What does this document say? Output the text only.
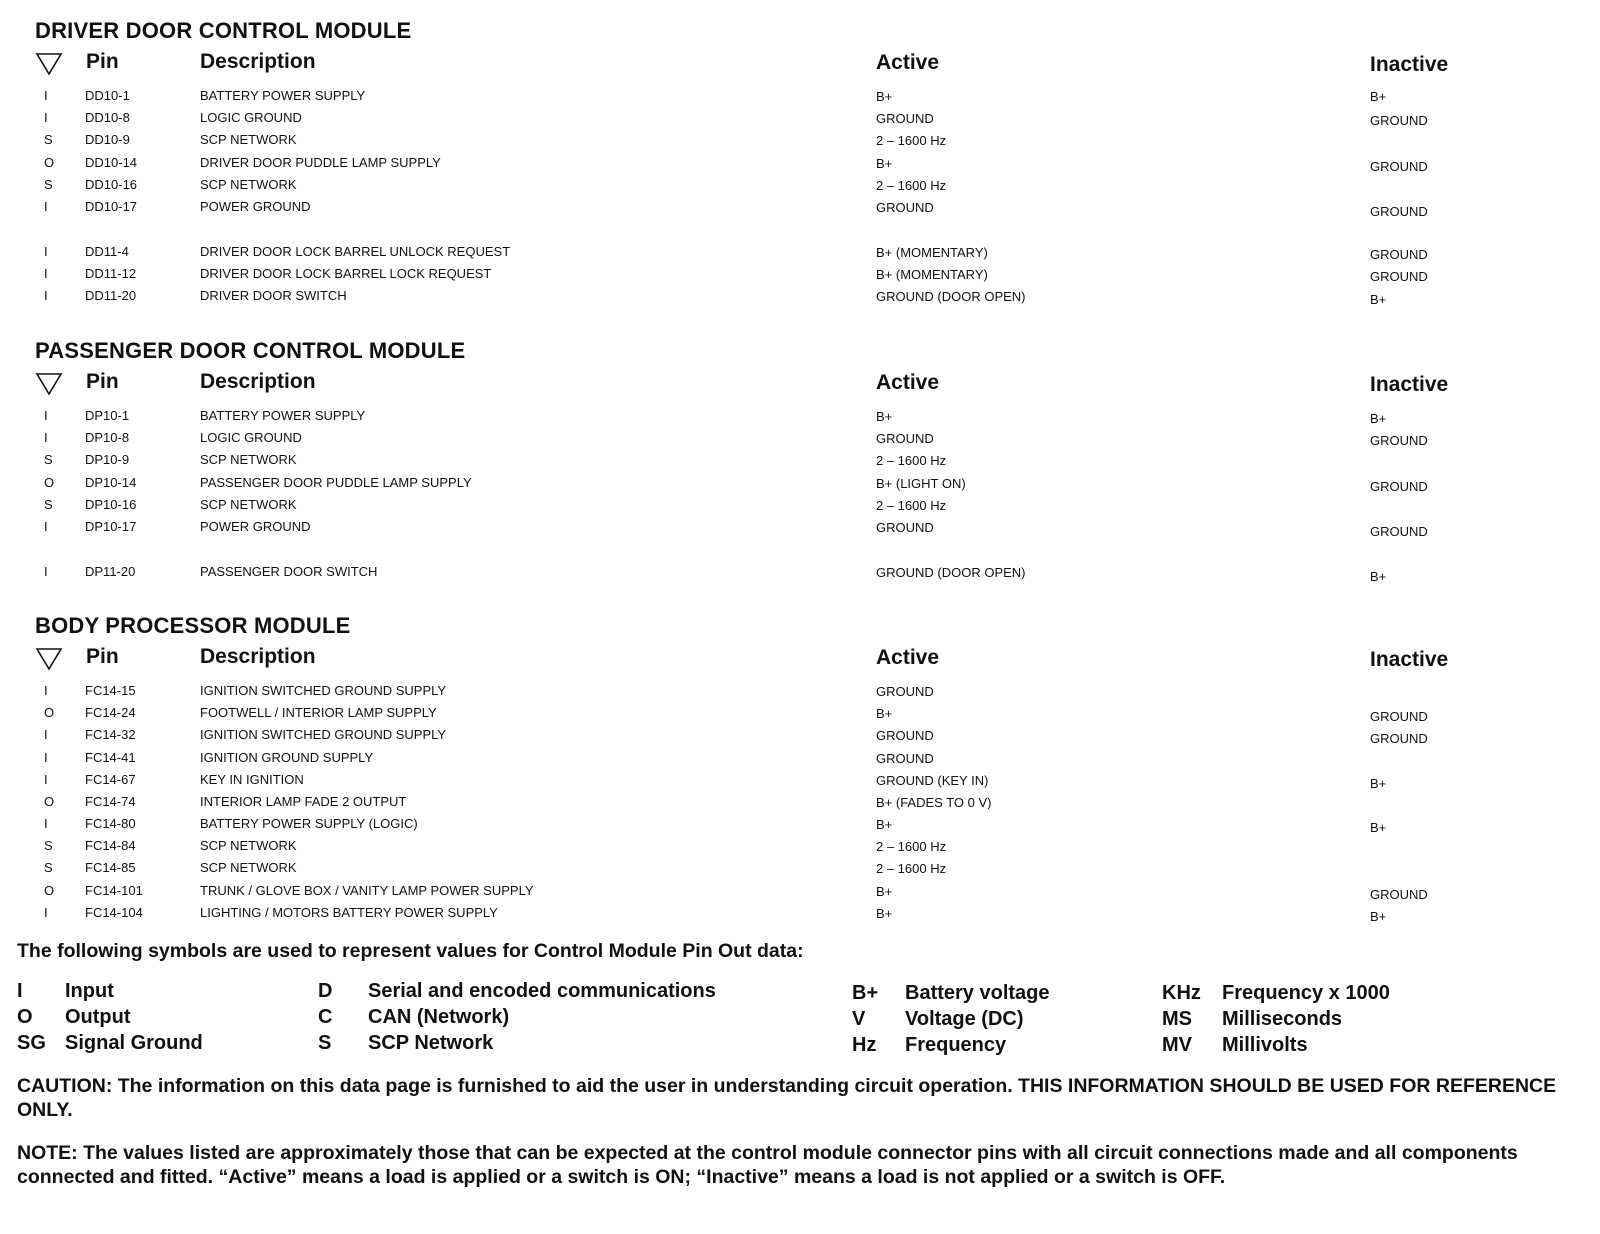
DRIVER DOOR CONTROL MODULE
Pin	Description	Active	Inactive
I	DD10-1	BATTERY POWER SUPPLY	B+	B+
I	DD10-8	LOGIC GROUND	GROUND	GROUND
S DD10-9	SCP NETWORK	2 – 1600 Hz
O DD10-14	DRIVER DOOR PUDDLE LAMP SUPPLY	B+	GROUND
S DD10-16	SCP NETWORK	2 – 1600 Hz
I	DD10-17	POWER GROUND	GROUND	GROUND
I	DD11-4	DRIVER DOOR LOCK BARREL UNLOCK REQUEST	B+ (MOMENTARY)	GROUND
I	DD11-12	DRIVER DOOR LOCK BARREL LOCK REQUEST	B+ (MOMENTARY)	GROUND
I	DD11-20	DRIVER DOOR SWITCH	GROUND (DOOR OPEN)	B+
PASSENGER DOOR CONTROL MODULE
Pin	Description	Active	Inactive
I	DP10-1	BATTERY POWER SUPPLY	B+	B+
I	DP10-8	LOGIC GROUND	GROUND	GROUND
S DP10-9	SCP NETWORK	2 – 1600 Hz
O DP10-14	PASSENGER DOOR PUDDLE LAMP SUPPLY	B+ (LIGHT ON)	GROUND
S DP10-16	SCP NETWORK	2 – 1600 Hz
I	DP10-17	POWER GROUND	GROUND	GROUND
I	DP11-20	PASSENGER DOOR SWITCH	GROUND (DOOR OPEN)	B+
BODY PROCESSOR MODULE
Pin	Description	Active	Inactive
I	FC14-15	IGNITION SWITCHED GROUND SUPPLY	GROUND
O FC14-24	FOOTWELL / INTERIOR LAMP SUPPLY	B+	GROUND
I	FC14-32	IGNITION SWITCHED GROUND SUPPLY	GROUND	GROUND
I	FC14-41	IGNITION GROUND SUPPLY	GROUND
I	FC14-67	KEY IN IGNITION	GROUND (KEY IN)	B+
O FC14-74	INTERIOR LAMP FADE 2 OUTPUT	B+ (FADES TO 0 V)
I	FC14-80	BATTERY POWER SUPPLY (LOGIC)	B+	B+
S FC14-84	SCP NETWORK	2 – 1600 Hz
S FC14-85	SCP NETWORK	2 – 1600 Hz
O FC14-101	TRUNK / GLOVE BOX / VANITY LAMP POWER SUPPLY	B+	GROUND
I	FC14-104	LIGHTING / MOTORS BATTERY POWER SUPPLY	B+	B+
The following symbols are used to represent values for Control Module Pin Out data:
I Input
O Output
SG Signal Ground
D Serial and encoded communications
C CAN (Network)
S SCP Network
B+ Battery voltage
V Voltage (DC)
Hz Frequency
KHz Frequency x 1000
MS Milliseconds
MV Millivolts
CAUTION: The information on this data page is furnished to aid the user in understanding circuit operation. THIS INFORMATION SHOULD BE USED FOR REFERENCE ONLY.
NOTE: The values listed are approximately those that can be expected at the control module connector pins with all circuit connections made and all components connected and fitted. “Active” means a load is applied or a switch is ON; “Inactive” means a load is not applied or a switch is OFF.
